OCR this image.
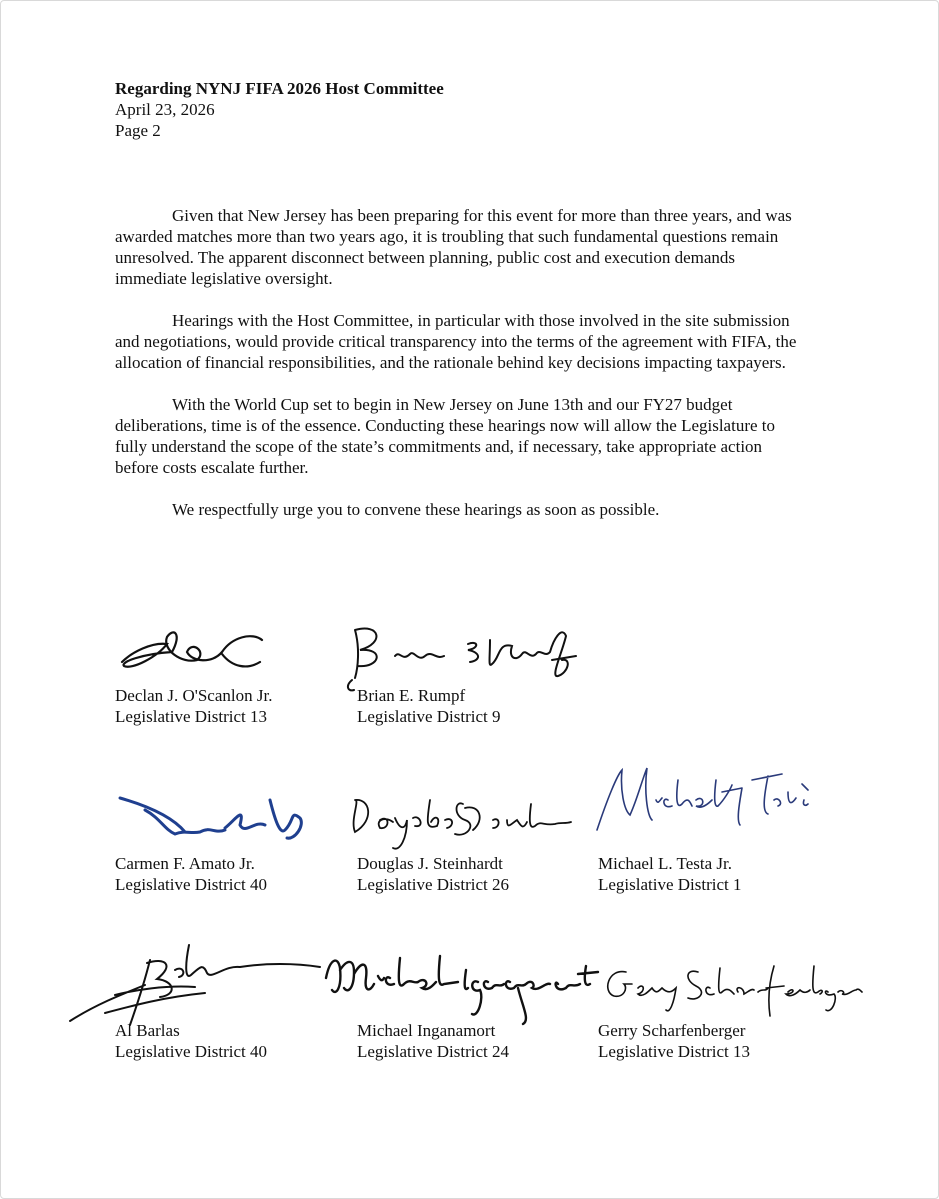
Regarding NYNJ FIFA 2026 Host Committee
April 23, 2026
Page 2

Given that New Jersey has been preparing for this event for more than three years, and was awarded matches more than two years ago, it is troubling that such fundamental questions remain unresolved. The apparent disconnect between planning, public cost and execution demands immediate legislative oversight.

Hearings with the Host Committee, in particular with those involved in the site submission and negotiations, would provide critical transparency into the terms of the agreement with FIFA, the allocation of financial responsibilities, and the rationale behind key decisions impacting taxpayers.

With the World Cup set to begin in New Jersey on June 13th and our FY27 budget deliberations, time is of the essence. Conducting these hearings now will allow the Legislature to fully understand the scope of the state’s commitments and, if necessary, take appropriate action before costs escalate further.

We respectfully urge you to convene these hearings as soon as possible.

Declan J. O'Scanlon Jr.
Legislative District 13
Brian E. Rumpf
Legislative District 9
Carmen F. Amato Jr.
Legislative District 40
Douglas J. Steinhardt
Legislative District 26
Michael L. Testa Jr.
Legislative District 1
Al Barlas
Legislative District 40
Michael Inganamort
Legislative District 24
Gerry Scharfenberger
Legislative District 13
